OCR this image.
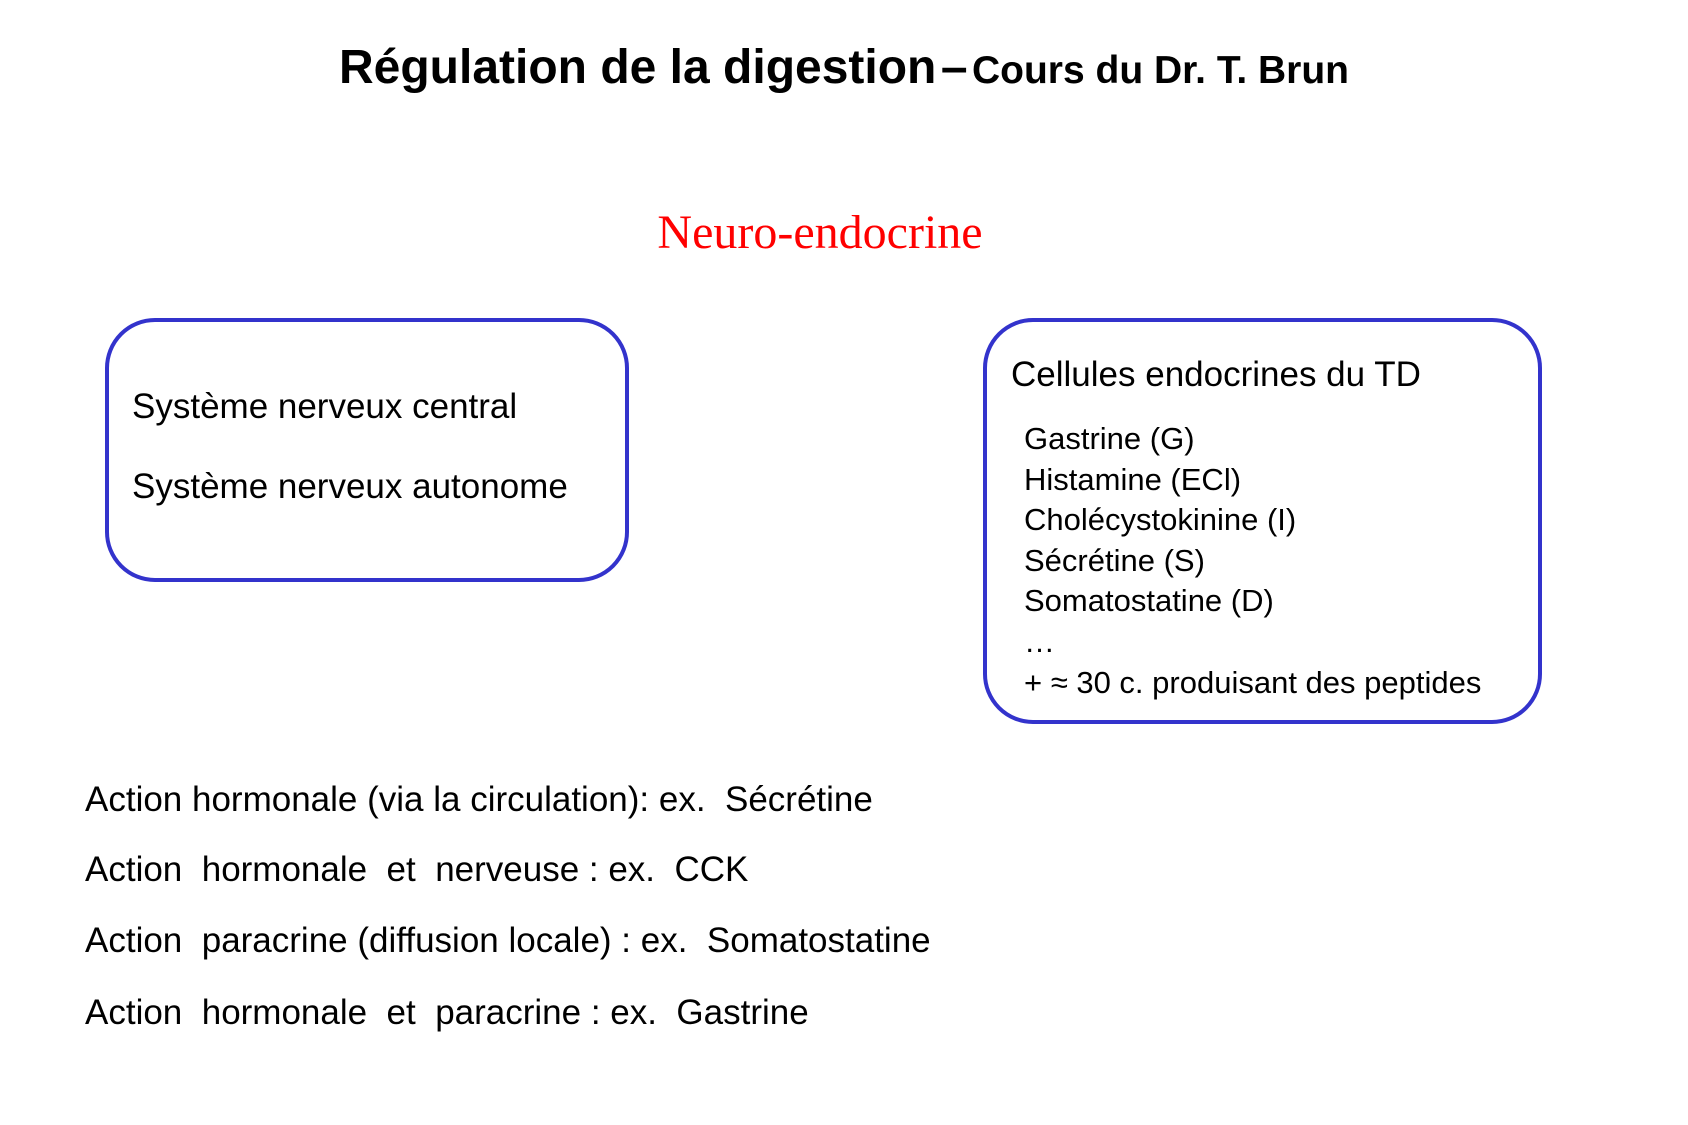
Régulation de la digestion – Cours du Dr. T. Brun
Neuro-endocrine
Système nerveux central
Système nerveux autonome
Cellules endocrines du TD
Gastrine (G)
Histamine (ECl)
Cholécystokinine (I)
Sécrétine (S)
Somatostatine (D)
…
+ ≈ 30 c. produisant des peptides
Action hormonale (via la circulation): ex.  Sécrétine
Action  hormonale  et  nerveuse : ex.  CCK
Action  paracrine (diffusion locale) : ex.  Somatostatine
Action  hormonale  et  paracrine : ex.  Gastrine
